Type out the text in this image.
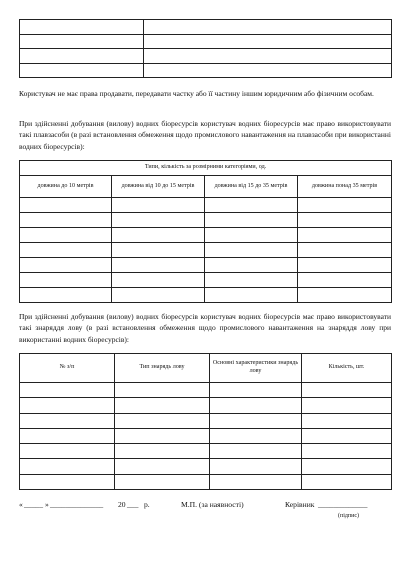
Користувач не має права продавати, передавати частку або її частину іншим юридичним або фізичним особам.

При здійсненні добування (вилову) водних біоресурсів користувач водних біоресурсів має право використовувати такі плавзасоби (в разі встановлення обмеження щодо промислового навантаження на плавзасоби при використанні водних біоресурсів):

Типи, кількість за розмірними категоріями, од.			
довжина до 10 метрів	довжина від 10 до 15 метрів	довжина від 15 до 35 метрів	довжина понад 35 метрів

При здійсненні добування (вилову) водних біоресурсів користувач водних біоресурсів має право використовувати такі знаряддя лову (в разі встановлення обмеження щодо промислового навантаження на знаряддя лову при використанні водних біоресурсів):

№ з/п	Тип знарядь лову	Основні характеристики знарядь лову	Кількість, шт.

« _____ » ______________ 20 ___ р.	М.П. (за наявності)	Керівник _____________
(підпис)
